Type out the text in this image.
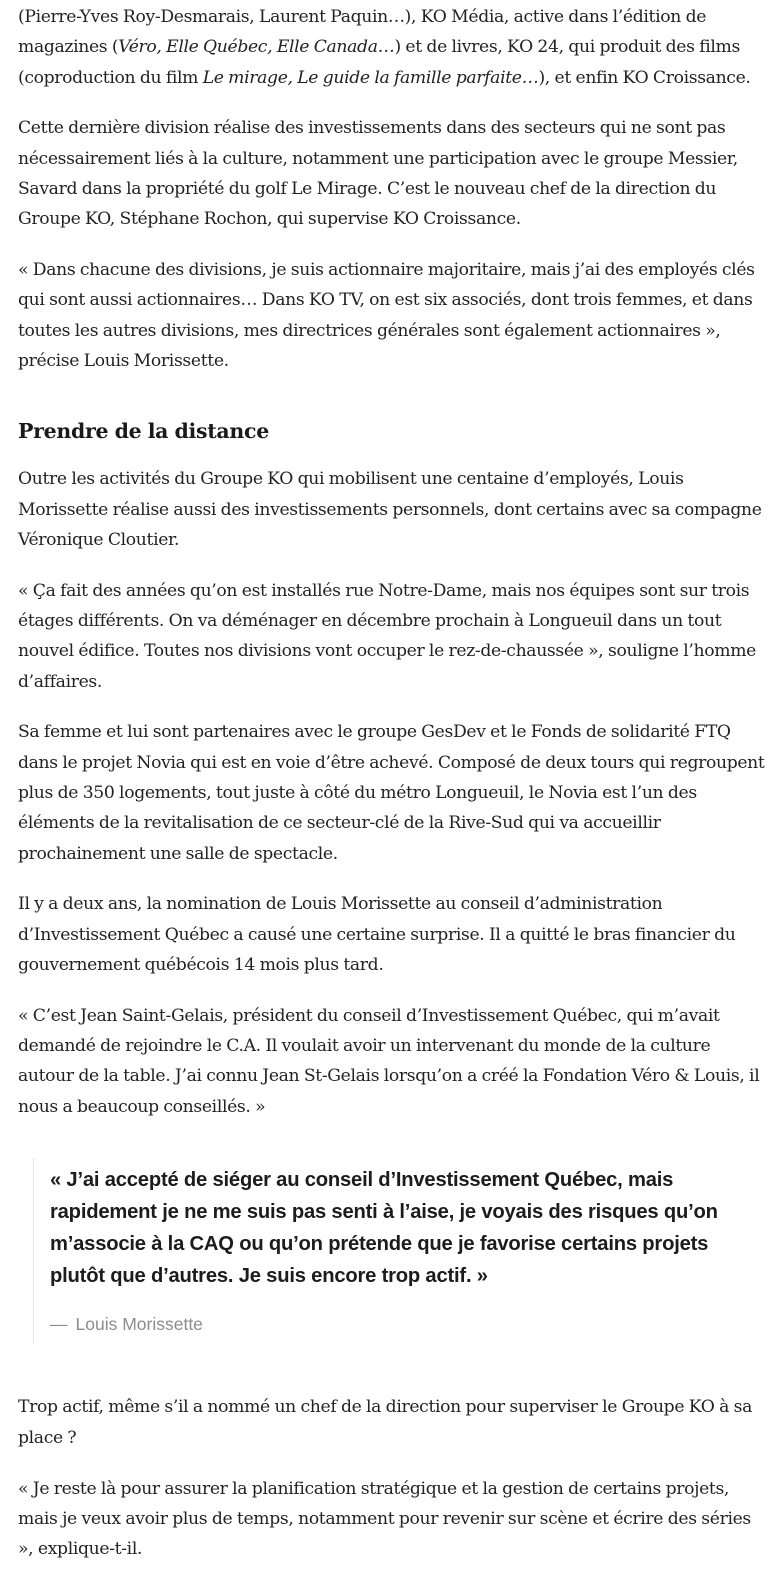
(Pierre-Yves Roy-Desmarais, Laurent Paquin…), KO Média, active dans l’édition de magazines (Véro, Elle Québec, Elle Canada…) et de livres, KO 24, qui produit des films (coproduction du film Le mirage, Le guide la famille parfaite…), et enfin KO Croissance.

Cette dernière division réalise des investissements dans des secteurs qui ne sont pas nécessairement liés à la culture, notamment une participation avec le groupe Messier, Savard dans la propriété du golf Le Mirage. C’est le nouveau chef de la direction du Groupe KO, Stéphane Rochon, qui supervise KO Croissance.

« Dans chacune des divisions, je suis actionnaire majoritaire, mais j’ai des employés clés qui sont aussi actionnaires… Dans KO TV, on est six associés, dont trois femmes, et dans toutes les autres divisions, mes directrices générales sont également actionnaires », précise Louis Morissette.

Prendre de la distance

Outre les activités du Groupe KO qui mobilisent une centaine d’employés, Louis Morissette réalise aussi des investissements personnels, dont certains avec sa compagne Véronique Cloutier.

« Ça fait des années qu’on est installés rue Notre-Dame, mais nos équipes sont sur trois étages différents. On va déménager en décembre prochain à Longueuil dans un tout nouvel édifice. Toutes nos divisions vont occuper le rez-de-chaussée », souligne l’homme d’affaires.

Sa femme et lui sont partenaires avec le groupe GesDev et le Fonds de solidarité FTQ dans le projet Novia qui est en voie d’être achevé. Composé de deux tours qui regroupent plus de 350 logements, tout juste à côté du métro Longueuil, le Novia est l’un des éléments de la revitalisation de ce secteur-clé de la Rive-Sud qui va accueillir prochainement une salle de spectacle.

Il y a deux ans, la nomination de Louis Morissette au conseil d’administration d’Investissement Québec a causé une certaine surprise. Il a quitté le bras financier du gouvernement québécois 14 mois plus tard.

« C’est Jean Saint-Gelais, président du conseil d’Investissement Québec, qui m’avait demandé de rejoindre le C.A. Il voulait avoir un intervenant du monde de la culture autour de la table. J’ai connu Jean St-Gelais lorsqu’on a créé la Fondation Véro & Louis, il nous a beaucoup conseillés. »

« J’ai accepté de siéger au conseil d’Investissement Québec, mais rapidement je ne me suis pas senti à l’aise, je voyais des risques qu’on m’associe à la CAQ ou qu’on prétende que je favorise certains projets plutôt que d’autres. Je suis encore trop actif. »

— Louis Morissette

Trop actif, même s’il a nommé un chef de la direction pour superviser le Groupe KO à sa place ?

« Je reste là pour assurer la planification stratégique et la gestion de certains projets, mais je veux avoir plus de temps, notamment pour revenir sur scène et écrire des séries », explique-t-il.
